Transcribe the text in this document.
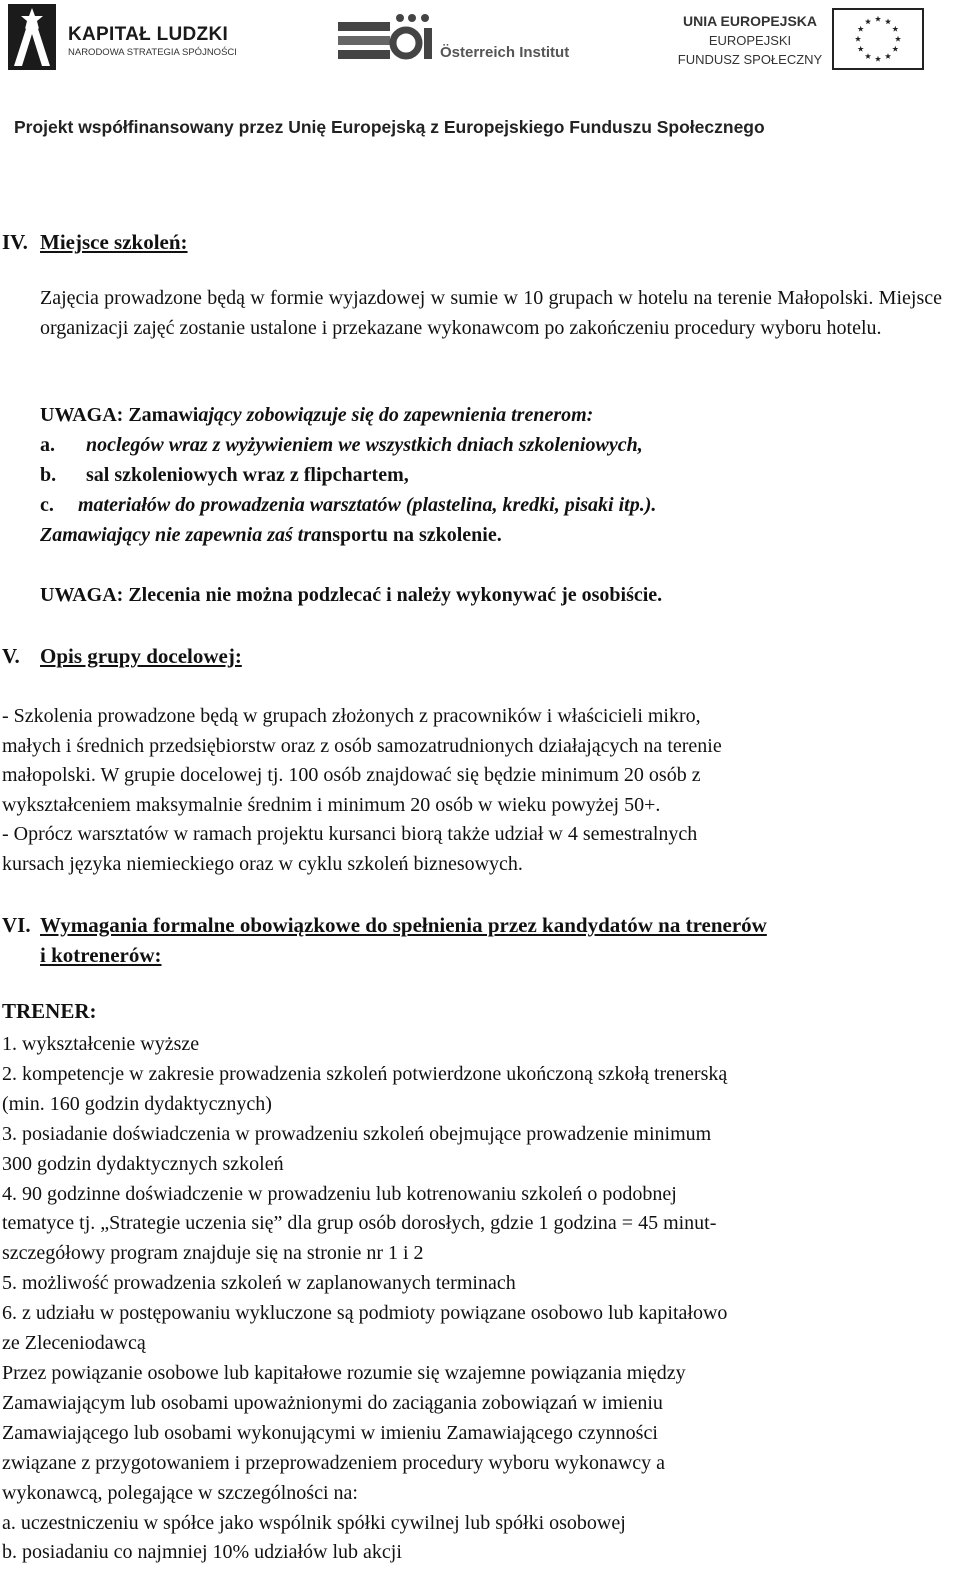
KAPITAŁ LUDZKI
NARODOWA STRATEGIA SPÓJNOŚCI	Österreich Institut
UNIA EUROPEJSKA
EUROPEJSKI
FUNDUSZ SPOŁECZNY
Projekt współfinansowany przez Unię Europejską z Europejskiego Funduszu Społecznego
IV. Miejsce szkoleń:
Zajęcia prowadzone będą w formie wyjazdowej w sumie w 10 grupach w hotelu na terenie Małopolski. Miejsce organizacji zajęć zostanie ustalone i przekazane wykonawcom po zakończeniu procedury wyboru hotelu.
UWAGA: Zamawiający zobowiązuje się do zapewnienia trenerom:
a. noclegów wraz z wyżywieniem we wszystkich dniach szkoleniowych,
b. sal szkoleniowych wraz z flipchartem,
c. materiałów do prowadzenia warsztatów (plastelina, kredki, pisaki itp.).
Zamawiający nie zapewnia zaś transportu na szkolenie.
UWAGA: Zlecenia nie można podzlecać i należy wykonywać je osobiście.
V. Opis grupy docelowej:
- Szkolenia prowadzone będą w grupach złożonych z pracowników i właścicieli mikro,
małych i średnich przedsiębiorstw oraz z osób samozatrudnionych działających na terenie
małopolski. W grupie docelowej tj. 100 osób znajdować się będzie minimum 20 osób z
wykształceniem maksymalnie średnim i minimum 20 osób w wieku powyżej 50+.
- Oprócz warsztatów w ramach projektu kursanci biorą także udział w 4 semestralnych
kursach języka niemieckiego oraz w cyklu szkoleń biznesowych.
VI. Wymagania formalne obowiązkowe do spełnienia przez kandydatów na trenerów
i kotrenerów:
TRENER:
1. wykształcenie wyższe
2. kompetencje w zakresie prowadzenia szkoleń potwierdzone ukończoną szkołą trenerską
(min. 160 godzin dydaktycznych)
3. posiadanie doświadczenia w prowadzeniu szkoleń obejmujące prowadzenie minimum
300 godzin dydaktycznych szkoleń
4. 90 godzinne doświadczenie w prowadzeniu lub kotrenowaniu szkoleń o podobnej
tematyce tj. „Strategie uczenia się” dla grup osób dorosłych, gdzie 1 godzina = 45 minut-
szczegółowy program znajduje się na stronie nr 1 i 2
5. możliwość prowadzenia szkoleń w zaplanowanych terminach
6. z udziału w postępowaniu wykluczone są podmioty powiązane osobowo lub kapitałowo
ze Zleceniodawcą
Przez powiązanie osobowe lub kapitałowe rozumie się wzajemne powiązania między
Zamawiającym lub osobami upoważnionymi do zaciągania zobowiązań w imieniu
Zamawiającego lub osobami wykonującymi w imieniu Zamawiającego czynności
związane z przygotowaniem i przeprowadzeniem procedury wyboru wykonawcy a
wykonawcą, polegające w szczególności na:
a. uczestniczeniu w spółce jako wspólnik spółki cywilnej lub spółki osobowej
b. posiadaniu co najmniej 10% udziałów lub akcji
